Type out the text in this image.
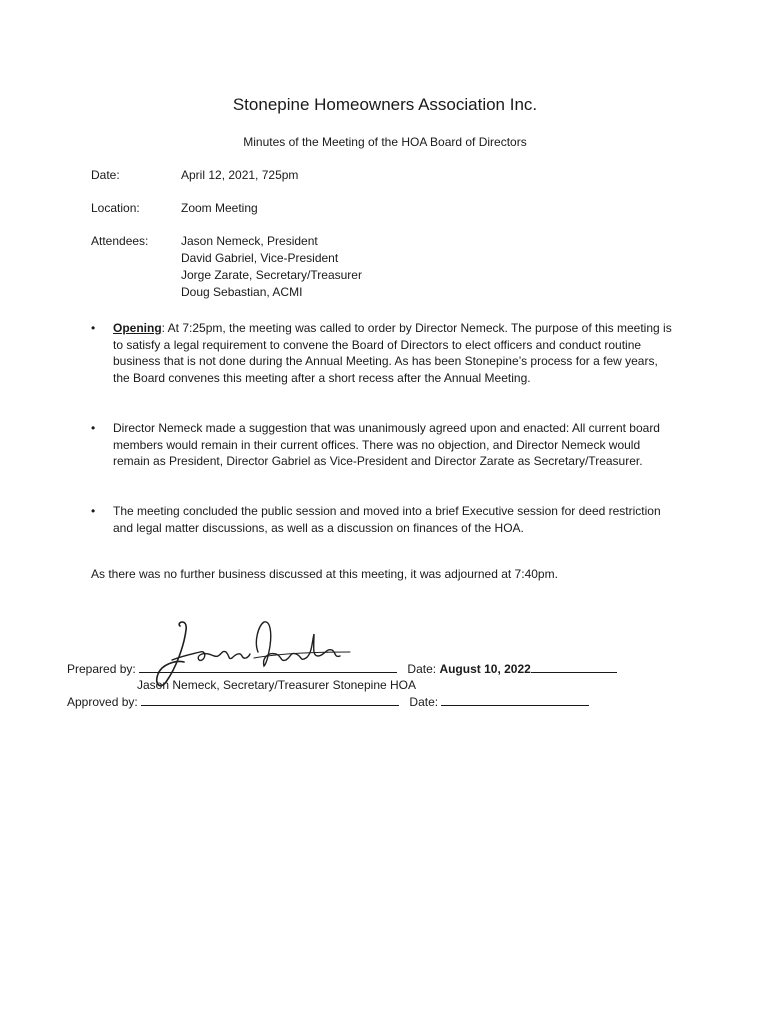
Stonepine Homeowners Association Inc.
Minutes of the Meeting of the HOA Board of Directors
Date:	April 12, 2021, 725pm
Location:	Zoom Meeting
Attendees:	Jason Nemeck, President
David Gabriel, Vice-President
Jorge Zarate, Secretary/Treasurer
Doug Sebastian, ACMI
• Opening: At 7:25pm, the meeting was called to order by Director Nemeck. The purpose of this meeting is to satisfy a legal requirement to convene the Board of Directors to elect officers and conduct routine business that is not done during the Annual Meeting. As has been Stonepine’s process for a few years, the Board convenes this meeting after a short recess after the Annual Meeting.
• Director Nemeck made a suggestion that was unanimously agreed upon and enacted: All current board members would remain in their current offices. There was no objection, and Director Nemeck would remain as President, Director Gabriel as Vice-President and Director Zarate as Secretary/Treasurer.
• The meeting concluded the public session and moved into a brief Executive session for deed restriction and legal matter discussions, as well as a discussion on finances of the HOA.
As there was no further business discussed at this meeting, it was adjourned at 7:40pm.
Prepared by:	Date: August 10, 2022
Jason Nemeck, Secretary/Treasurer Stonepine HOA
Approved by:	Date:
